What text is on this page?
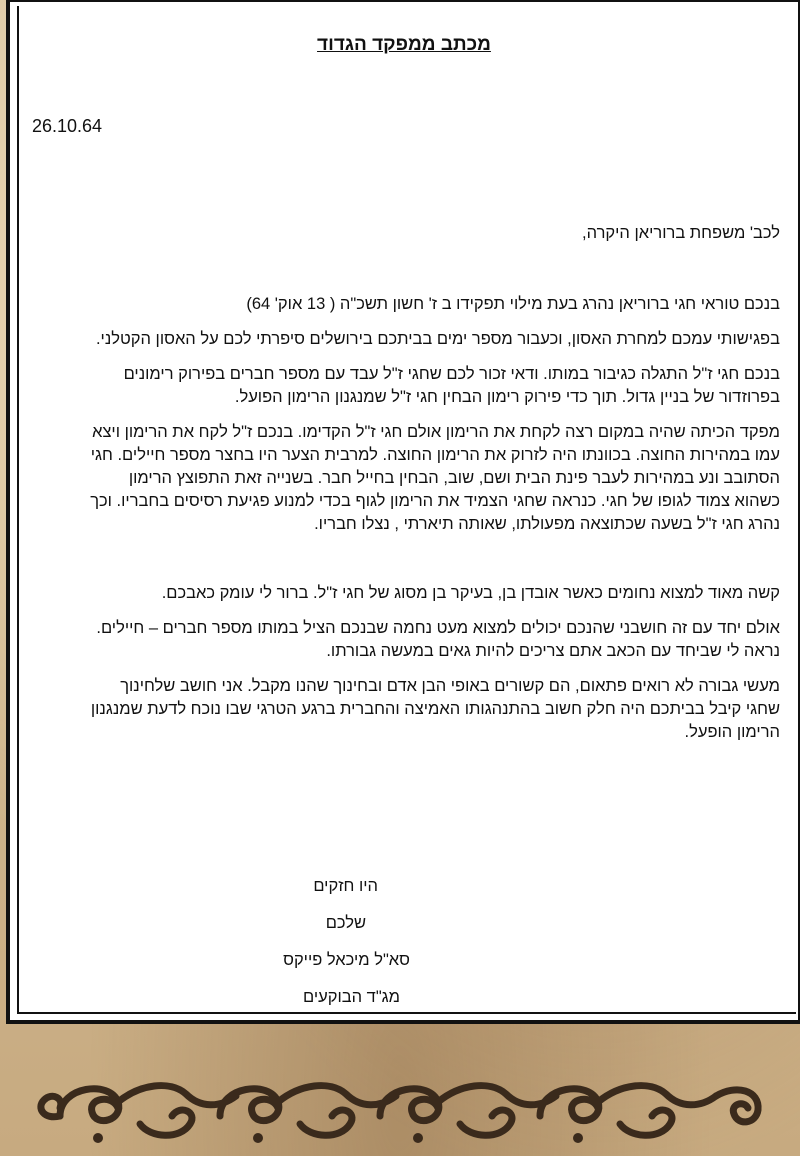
מכתב ממפקד הגדוד
26.10.64

לכב' משפחת ברוריאן היקרה,

בנכם טוראי חגי ברוריאן נהרג בעת מילוי תפקידו ב ז' חשון תשכ"ה ( 13 אוק' 64)

בפגישותי עמכם למחרת האסון, וכעבור מספר ימים בביתכם בירושלים סיפרתי לכם על האסון הקטלני.

בנכם חגי ז"ל התגלה כגיבור במותו. ודאי זכור לכם שחגי ז"ל עבד עם מספר חברים בפירוק רימונים בפרוזדור של בניין גדול. תוך כדי פירוק רימון הבחין חגי ז"ל שמנגנון הרימון הפועל.

מפקד הכיתה שהיה במקום רצה לקחת את הרימון אולם חגי ז"ל הקדימו. בנכם ז"ל לקח את הרימון ויצא עמו במהירות החוצה. בכוונתו היה לזרוק את הרימון החוצה. למרבית הצער היו בחצר מספר חיילים. חגי הסתובב ונע במהירות לעבר פינת הבית ושם, שוב, הבחין בחייל חבר. בשנייה זאת התפוצץ הרימון כשהוא צמוד לגופו של חגי. כנראה שחגי הצמיד את הרימון לגוף בכדי למנוע פגיעת רסיסים בחבריו. וכך נהרג חגי ז"ל בשעה שכתוצאה מפעולתו, שאותה תיארתי , נצלו חבריו.

קשה מאוד למצוא נחומים כאשר אובדן בן, בעיקר בן מסוג של חגי ז"ל. ברור לי עומק כאבכם.

אולם יחד עם זה חושבני שהנכם יכולים למצוא מעט נחמה שבנכם הציל במותו מספר חברים – חיילים. נראה לי שביחד עם הכאב אתם צריכים להיות גאים במעשה גבורתו.

מעשי גבורה לא רואים פתאום, הם קשורים באופי הבן אדם ובחינוך שהנו מקבל. אני חושב שלחינוך שחגי קיבל בביתכם היה חלק חשוב בהתנהגותו האמיצה והחברית ברגע הטרגי שבו נוכח לדעת שמנגנון הרימון הופעל.

היו חזקים
שלכם
סא"ל מיכאל פייקס
מג"ד הבוקעים
